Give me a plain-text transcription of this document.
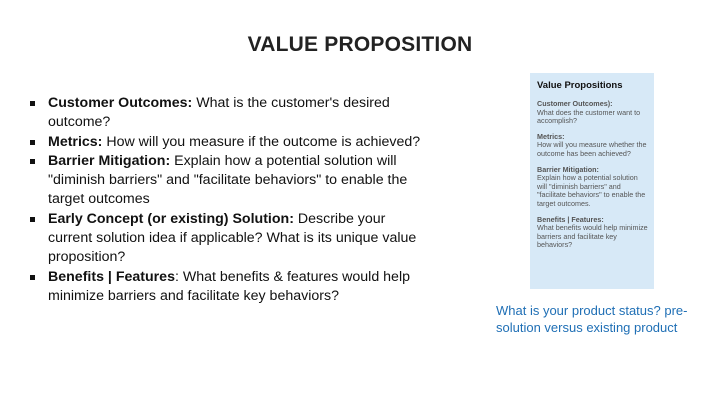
VALUE PROPOSITION
Customer Outcomes: What is the customer's desired outcome?
Metrics: How will you measure if the outcome is achieved?
Barrier Mitigation: Explain how a potential solution will "diminish barriers" and "facilitate behaviors" to enable the target outcomes
Early Concept (or existing) Solution: Describe your current solution idea if applicable? What is its unique value proposition?
Benefits | Features: What benefits & features would help minimize barriers and facilitate key behaviors?
Value Propositions
Customer Outcomes):
What does the customer want to accomplish?
Metrics:
How will you measure whether the outcome has been achieved?
Barrier Mitigation:
Explain how a potential solution will "diminish barriers" and "facilitate behaviors" to enable the target outcomes.
Benefits | Features:
What benefits would help minimize barriers and facilitate key behaviors?
What is your product status? pre-solution versus existing product
